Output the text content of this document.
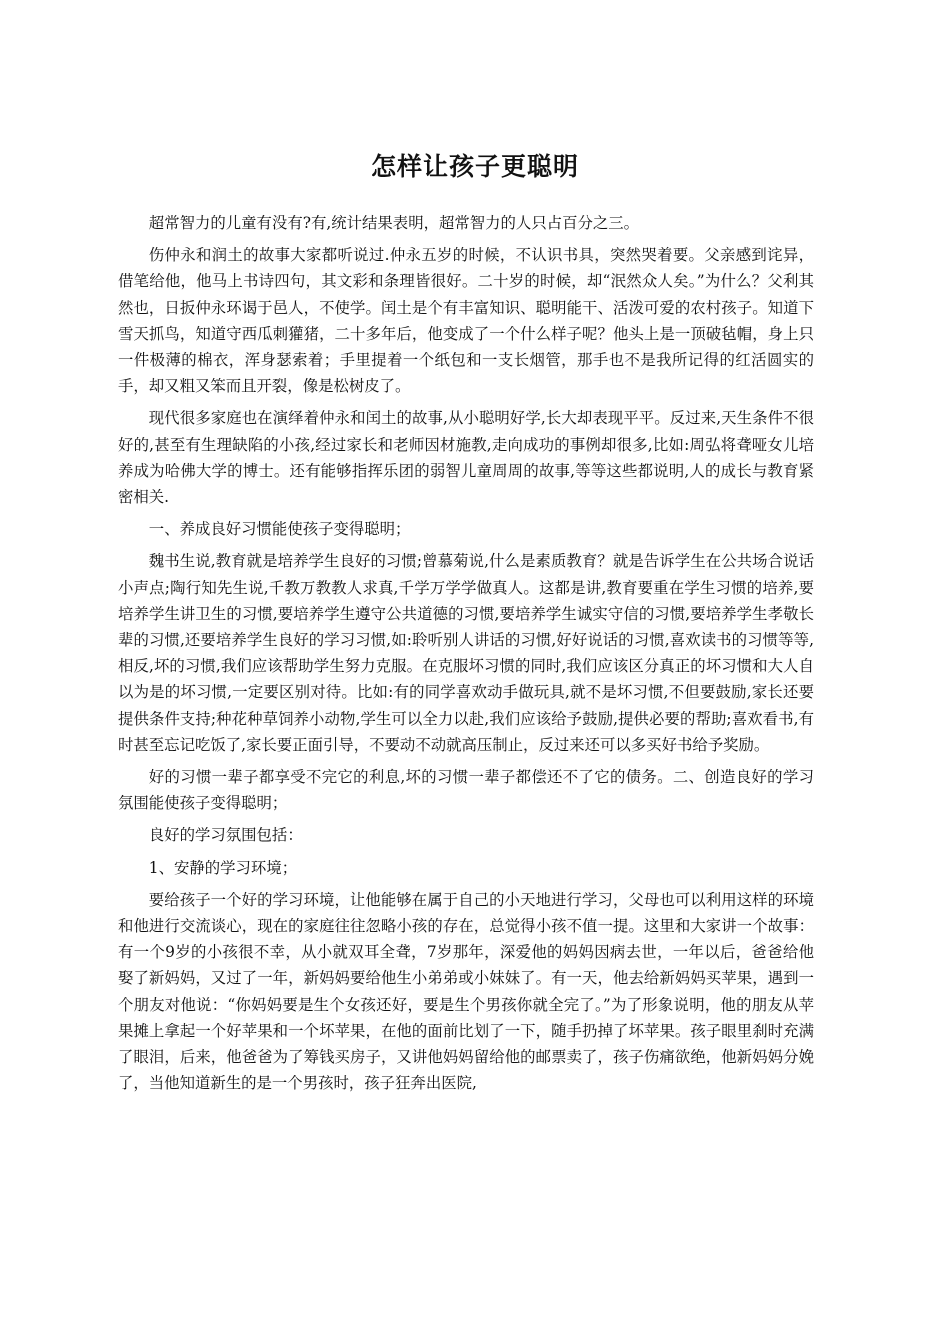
怎样让孩子更聪明

超常智力的儿童有没有?有,统计结果表明，超常智力的人只占百分之三。

伤仲永和润土的故事大家都听说过.仲永五岁的时候，不认识书具，突然哭着要。父亲感到诧异，借笔给他，他马上书诗四句，其文彩和条理皆很好。二十岁的时候，却“泯然众人矣。”为什么？父利其然也，日扳仲永环谒于邑人，不使学。闰土是个有丰富知识、聪明能干、活泼可爱的农村孩子。知道下雪天抓鸟，知道守西瓜刺獾猪，二十多年后，他变成了一个什么样子呢？他头上是一顶破毡帽，身上只一件极薄的棉衣，浑身瑟索着；手里提着一个纸包和一支长烟管，那手也不是我所记得的红活圆实的手，却又粗又笨而且开裂，像是松树皮了。

现代很多家庭也在演绎着仲永和闰土的故事,从小聪明好学,长大却表现平平。反过来,天生条件不很好的,甚至有生理缺陷的小孩,经过家长和老师因材施教,走向成功的事例却很多,比如:周弘将聋哑女儿培养成为哈佛大学的博士。还有能够指挥乐团的弱智儿童周周的故事,等等这些都说明,人的成长与教育紧密相关.

一、养成良好习惯能使孩子变得聪明；

魏书生说,教育就是培养学生良好的习惯;曾慕菊说,什么是素质教育？就是告诉学生在公共场合说话小声点;陶行知先生说,千教万教教人求真,千学万学学做真人。这都是讲,教育要重在学生习惯的培养,要培养学生讲卫生的习惯,要培养学生遵守公共道德的习惯,要培养学生诚实守信的习惯,要培养学生孝敬长辈的习惯,还要培养学生良好的学习习惯,如:聆听别人讲话的习惯,好好说话的习惯,喜欢读书的习惯等等,相反,坏的习惯,我们应该帮助学生努力克服。在克服坏习惯的同时,我们应该区分真正的坏习惯和大人自以为是的坏习惯,一定要区别对待。比如:有的同学喜欢动手做玩具,就不是坏习惯,不但要鼓励,家长还要提供条件支持;种花种草饲养小动物,学生可以全力以赴,我们应该给予鼓励,提供必要的帮助;喜欢看书,有时甚至忘记吃饭了,家长要正面引导，不要动不动就高压制止，反过来还可以多买好书给予奖励。

好的习惯一辈子都享受不完它的利息,坏的习惯一辈子都偿还不了它的债务。二、创造良好的学习氛围能使孩子变得聪明；

良好的学习氛围包括：

1、安静的学习环境；

要给孩子一个好的学习环境，让他能够在属于自己的小天地进行学习，父母也可以利用这样的环境和他进行交流谈心，现在的家庭往往忽略小孩的存在，总觉得小孩不值一提。这里和大家讲一个故事：有一个9岁的小孩很不幸，从小就双耳全聋，7岁那年，深爱他的妈妈因病去世，一年以后，爸爸给他娶了新妈妈，又过了一年，新妈妈要给他生小弟弟或小妹妹了。有一天，他去给新妈妈买苹果，遇到一个朋友对他说：“你妈妈要是生个女孩还好，要是生个男孩你就全完了。”为了形象说明，他的朋友从苹果摊上拿起一个好苹果和一个坏苹果，在他的面前比划了一下，随手扔掉了坏苹果。孩子眼里刹时充满了眼泪，后来，他爸爸为了筹钱买房子，又讲他妈妈留给他的邮票卖了，孩子伤痛欲绝，他新妈妈分娩了，当他知道新生的是一个男孩时，孩子狂奔出医院,
